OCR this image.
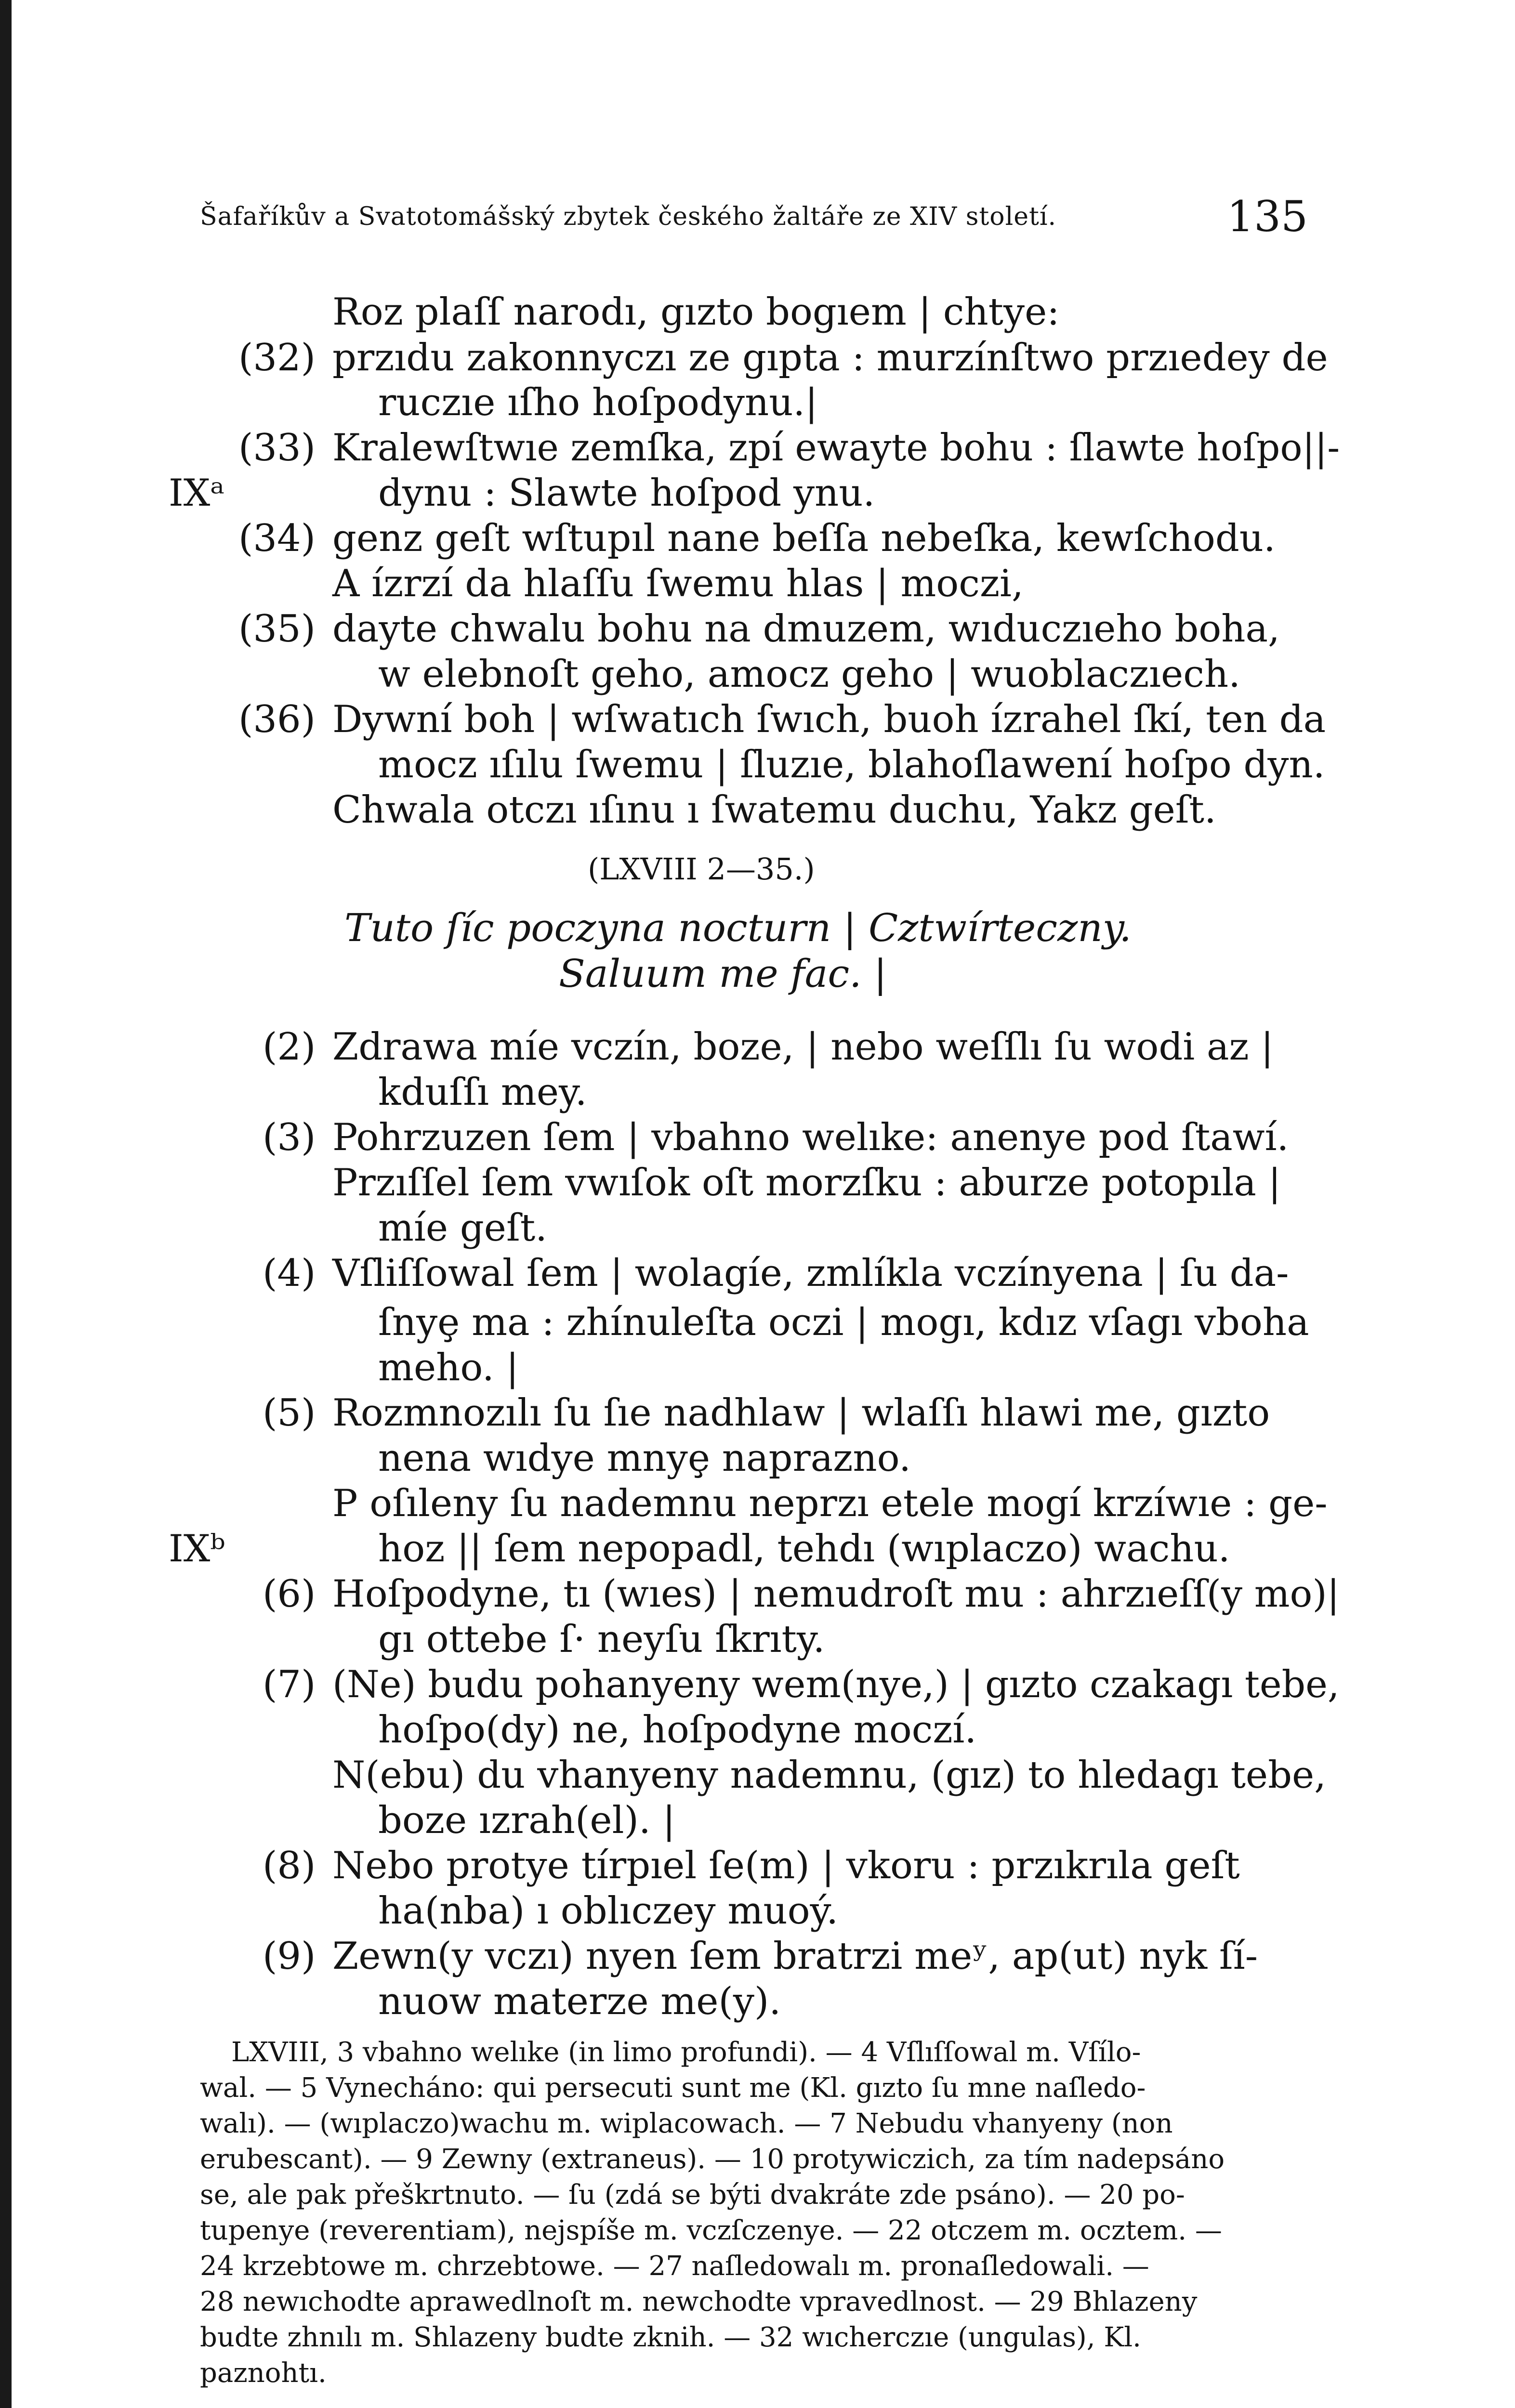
Šafaříkův a Svatotomášský zbytek českého žaltáře ze XIV století.	135
Roz plaſſ narodı, gızto bogıem | chtye:
(32) przıdu zakonnyczı ze gıpta : murzínſtwo przıedey de
ruczıe ıſho hoſpodynu.|
(33) Kralewſtwıe zemſka, zpí ewayte bohu : ſlawte hoſpo||-
IXᵃ	dynu : Slawte hoſpod ynu.
(34) genz geſt wſtupıl nane beſſa nebeſka, kewſchodu.
A ízrzí da hlaſſu ſwemu hlas | moczi,
(35) dayte chwalu bohu na dmuzem, wıduczıeho boha,
w elebnoſt geho, amocz geho | wuoblaczıech.
(36) Dywní boh | wſwatıch ſwıch, buoh ízrahel ſkí, ten da
mocz ıſılu ſwemu | ſluzıe, blahoſlawení hoſpo dyn.
Chwala otczı ıſınu ı ſwatemu duchu, Yakz geſt.
(LXVIII 2—35.)
Tuto ſíc poczyna nocturn | Cztwírteczny.
Saluum me fac. |
(2) Zdrawa míe vczín, boze, | nebo weſſlı ſu wodi az |
kduſſı mey.
(3) Pohrzuzen ſem | vbahno welıke: anenye pod ſtawí.
Przıſſel ſem vwıſok oſt morzſku : aburze potopıla |
míe geſt.
(4) Vſliſſowal ſem | wolagíe, zmlíkla vczínyena | ſu da-
ſnyȩ ma : zhínuleſta oczi | mogı, kdız vſagı vboha
meho. |
(5) Rozmnozılı ſu ſıe nadhlaw | wlaſſı hlawi me, gızto
nena wıdye mnyȩ naprazno.
P oſıleny ſu nademnu neprzı etele mogí krzíwıe : ge-
IXᵇ	hoz || ſem nepopadl, tehdı (wıplaczo) wachu.
(6) Hoſpodyne, tı (wıes) | nemudroſt mu : ahrzıeſſ(y mo)|
gı ottebe ſ· neyſu ſkrıty.
(7) (Ne) budu pohanyeny wem(nye,) | gızto czakagı tebe,
hoſpo(dy) ne, hoſpodyne moczí.
N(ebu) du vhanyeny nademnu, (gız) to hledagı tebe,
boze ızrah(el). |
(8) Nebo protye tírpıel ſe(m) | vkoru : przıkrıla geſt
ha(nba) ı oblıczey muoý.
(9) Zewn(y vczı) nyen ſem bratrzi meʸ, ap(ut) nyk ſí-
nuow materze me(y).
LXVIII, 3 vbahno welıke (in limo profundi). — 4 Vſlıſſowal m. Vſílo-
wal. — 5 Vynecháno: qui persecuti sunt me (Kl. gızto ſu mne naſledo-
walı). — (wıplaczo)wachu m. wiplacowach. — 7 Nebudu vhanyeny (non
erubescant). — 9 Zewny (extraneus). — 10 protywiczich, za tím nadepsáno
se, ale pak přeškrtnuto. — ſu (zdá se býti dvakráte zde psáno). — 20 po-
tupenye (reverentiam), nejspíše m. vczſczenye. — 22 otczem m. ocztem. —
24 krzebtowe m. chrzebtowe. — 27 naſledowalı m. pronaſledowali. —
28 newıchodte aprawedlnoſt m. newchodte vpravedlnost. — 29 Bhlazeny
budte zhnılı m. Shlazeny budte zknih. — 32 wıcherczıe (ungulas), Kl.
paznohtı.
